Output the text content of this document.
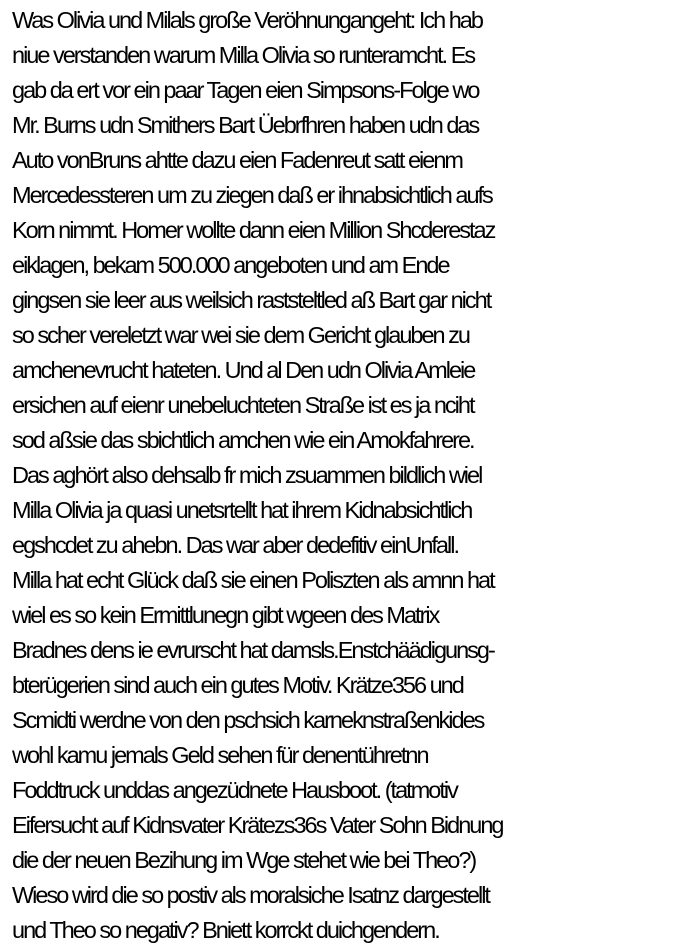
Was Olivia und Milals große Veröhnungangeht: Ich hab
niue verstanden warum Milla Olivia so runteramcht. Es
gab da ert vor ein paar Tagen eien Simpsons-Folge wo
Mr. Burns udn Smithers Bart Üebrfhren haben udn das
Auto vonBruns ahtte dazu eien Fadenreut satt eienm
Mercedessteren um zu ziegen daß er ihnabsichtlich aufs
Korn nimmt. Homer wollte dann eien Million Shcderestaz
eiklagen, bekam 500.000 angeboten und am Ende
gingsen sie leer aus weilsich raststeltled aß Bart gar nicht
so scher vereletzt war wei sie dem Gericht glauben zu
amchenevrucht hateten. Und al Den udn Olivia Amleie
ersichen auf eienr unebeluchteten Straße ist es ja nciht
sod aßsie das sbichtlich amchen wie ein Amokfahrere.
Das aghört also dehsalb fr mich zsuammen bildlich wiel
Milla Olivia ja quasi unetsrtellt hat ihrem Kidnabsichtlich
egshcdet zu ahebn. Das war aber dedefitiv einUnfall.
Milla hat echt Glück daß sie einen Poliszten als amnn hat
wiel es so kein Ermittlunegn gibt wgeen des Matrix
Bradnes dens ie evrurscht hat damsls.Enstchäädigunsg-
bterügerien sind auch ein gutes Motiv. Krätze356 und
Scmidti werdne von den pschsich karneknstraßenkides
wohl kamu jemals Geld sehen für denentühretnn
Foddtruck unddas angezüdnete Hausboot. (tatmotiv
Eifersucht auf Kidnsvater Krätezs36s Vater Sohn Bidnung
die der neuen Bezihung im Wge stehet wie bei Theo?)
Wieso wird die so postiv als moralsiche Isatnz dargestellt
und Theo so negativ? Bniett korrckt duichgendern.
